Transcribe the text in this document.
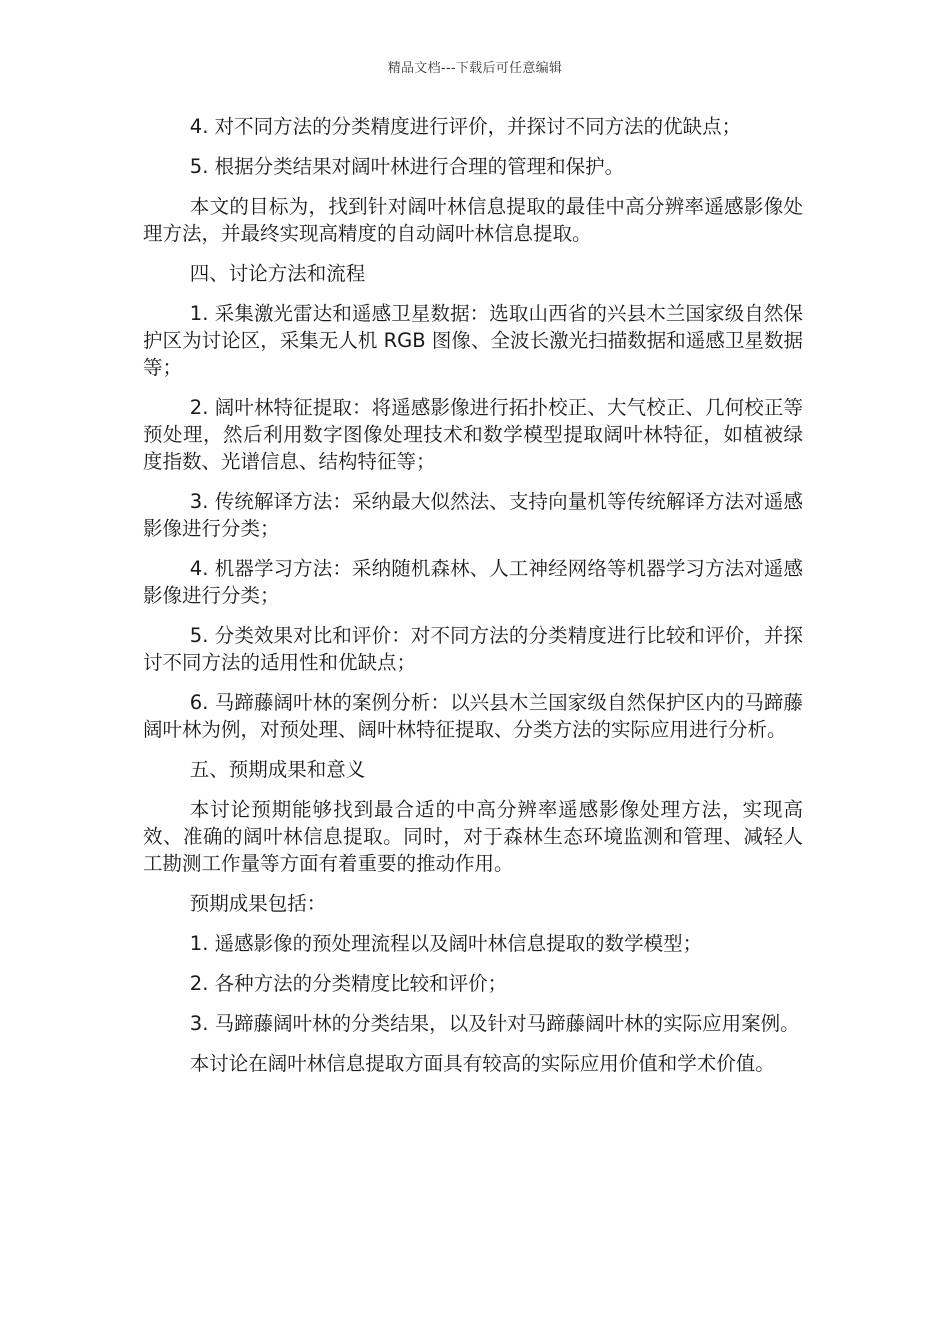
精品文档---下载后可任意编辑

4. 对不同方法的分类精度进行评价，并探讨不同方法的优缺点；

5. 根据分类结果对阔叶林进行合理的管理和保护。

本文的目标为，找到针对阔叶林信息提取的最佳中高分辨率遥感影像处理方法，并最终实现高精度的自动阔叶林信息提取。

四、讨论方法和流程

1. 采集激光雷达和遥感卫星数据：选取山西省的兴县木兰国家级自然保护区为讨论区，采集无人机 RGB 图像、全波长激光扫描数据和遥感卫星数据等；

2. 阔叶林特征提取：将遥感影像进行拓扑校正、大气校正、几何校正等预处理，然后利用数字图像处理技术和数学模型提取阔叶林特征，如植被绿度指数、光谱信息、结构特征等；

3. 传统解译方法：采纳最大似然法、支持向量机等传统解译方法对遥感影像进行分类；

4. 机器学习方法：采纳随机森林、人工神经网络等机器学习方法对遥感影像进行分类；

5. 分类效果对比和评价：对不同方法的分类精度进行比较和评价，并探讨不同方法的适用性和优缺点；

6. 马蹄藤阔叶林的案例分析：以兴县木兰国家级自然保护区内的马蹄藤阔叶林为例，对预处理、阔叶林特征提取、分类方法的实际应用进行分析。

五、预期成果和意义

本讨论预期能够找到最合适的中高分辨率遥感影像处理方法，实现高效、准确的阔叶林信息提取。同时，对于森林生态环境监测和管理、减轻人工勘测工作量等方面有着重要的推动作用。

预期成果包括：

1. 遥感影像的预处理流程以及阔叶林信息提取的数学模型；

2. 各种方法的分类精度比较和评价；

3. 马蹄藤阔叶林的分类结果，以及针对马蹄藤阔叶林的实际应用案例。

本讨论在阔叶林信息提取方面具有较高的实际应用价值和学术价值。
